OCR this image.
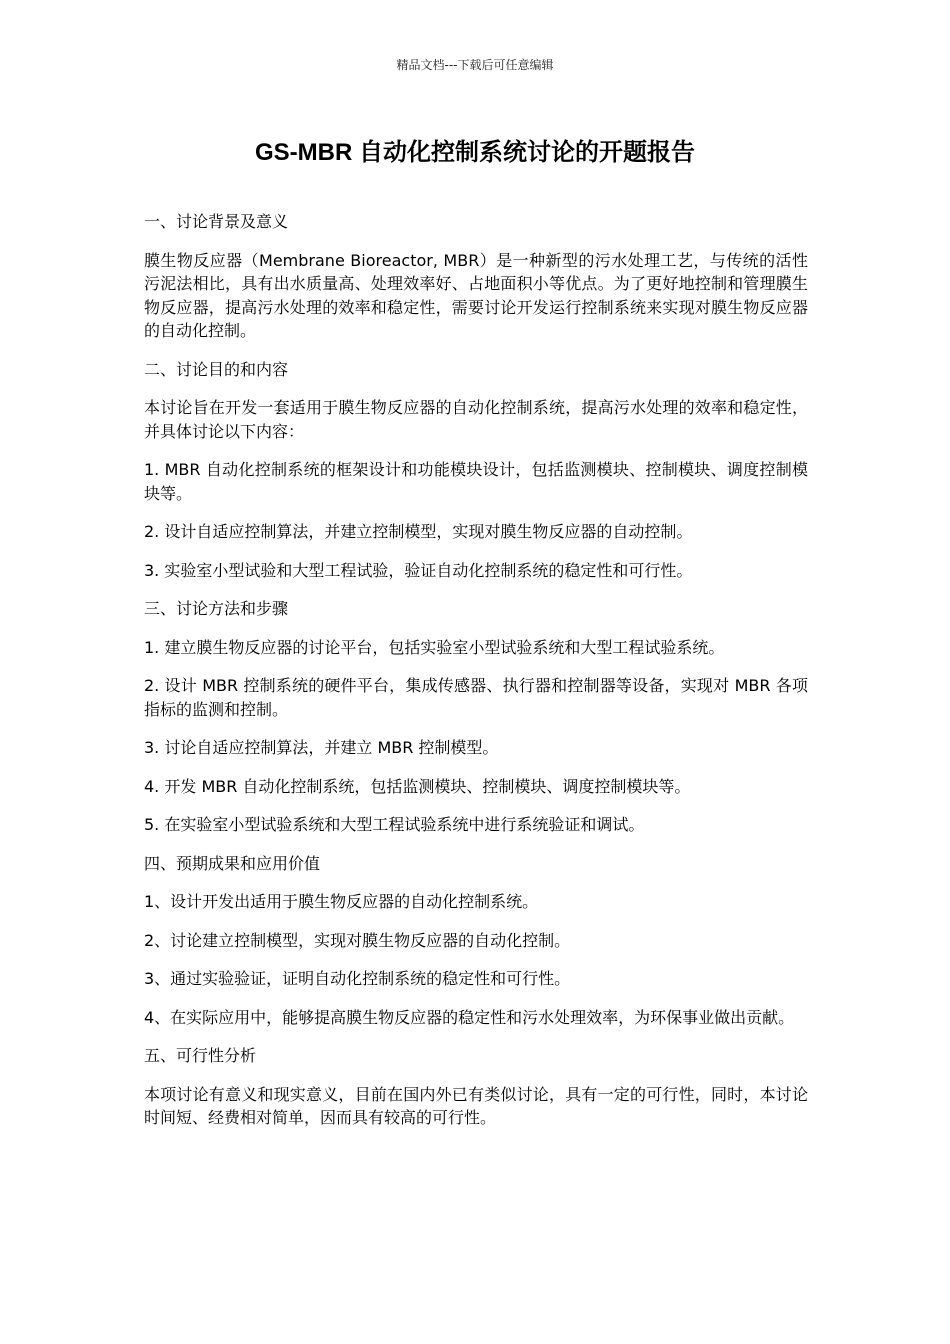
精品文档---下载后可任意编辑
GS-MBR 自动化控制系统讨论的开题报告

一、讨论背景及意义

膜生物反应器（Membrane Bioreactor, MBR）是一种新型的污水处理工艺，与传统的活性污泥法相比，具有出水质量高、处理效率好、占地面积小等优点。为了更好地控制和管理膜生物反应器，提高污水处理的效率和稳定性，需要讨论开发运行控制系统来实现对膜生物反应器的自动化控制。

二、讨论目的和内容

本讨论旨在开发一套适用于膜生物反应器的自动化控制系统，提高污水处理的效率和稳定性，并具体讨论以下内容：

1. MBR 自动化控制系统的框架设计和功能模块设计，包括监测模块、控制模块、调度控制模块等。

2. 设计自适应控制算法，并建立控制模型，实现对膜生物反应器的自动控制。

3. 实验室小型试验和大型工程试验，验证自动化控制系统的稳定性和可行性。

三、讨论方法和步骤

1. 建立膜生物反应器的讨论平台，包括实验室小型试验系统和大型工程试验系统。

2. 设计 MBR 控制系统的硬件平台，集成传感器、执行器和控制器等设备，实现对 MBR 各项指标的监测和控制。

3. 讨论自适应控制算法，并建立 MBR 控制模型。

4. 开发 MBR 自动化控制系统，包括监测模块、控制模块、调度控制模块等。

5. 在实验室小型试验系统和大型工程试验系统中进行系统验证和调试。

四、预期成果和应用价值

1、设计开发出适用于膜生物反应器的自动化控制系统。

2、讨论建立控制模型，实现对膜生物反应器的自动化控制。

3、通过实验验证，证明自动化控制系统的稳定性和可行性。

4、在实际应用中，能够提高膜生物反应器的稳定性和污水处理效率，为环保事业做出贡献。

五、可行性分析

本项讨论有意义和现实意义，目前在国内外已有类似讨论，具有一定的可行性，同时，本讨论时间短、经费相对简单，因而具有较高的可行性。
